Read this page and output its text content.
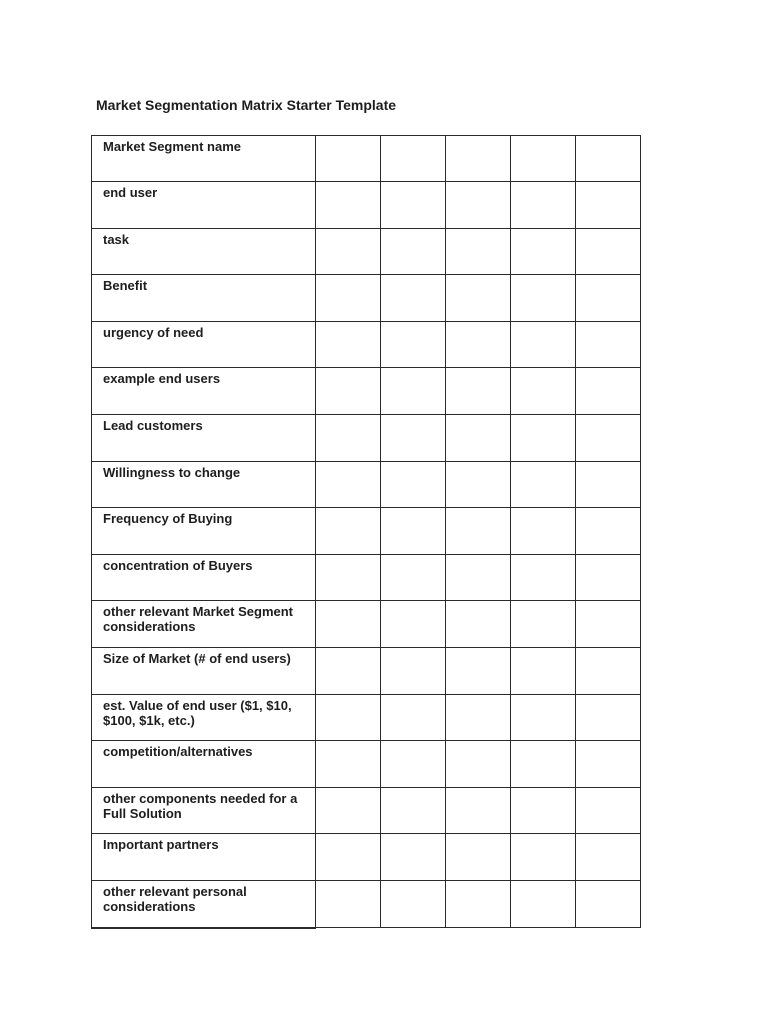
Market Segmentation Matrix Starter Template
Market Segment name					
end user					
task					
Benefit					
urgency of need					
example end users					
Lead customers					
Willingness to change					
Frequency of Buying					
concentration of Buyers					
other relevant Market Segment considerations					
Size of Market (# of end users)					
est. Value of end user ($1, $10, $100, $1k, etc.)					
competition/alternatives					
other components needed for a Full Solution					
Important partners					
other relevant personal considerations					
